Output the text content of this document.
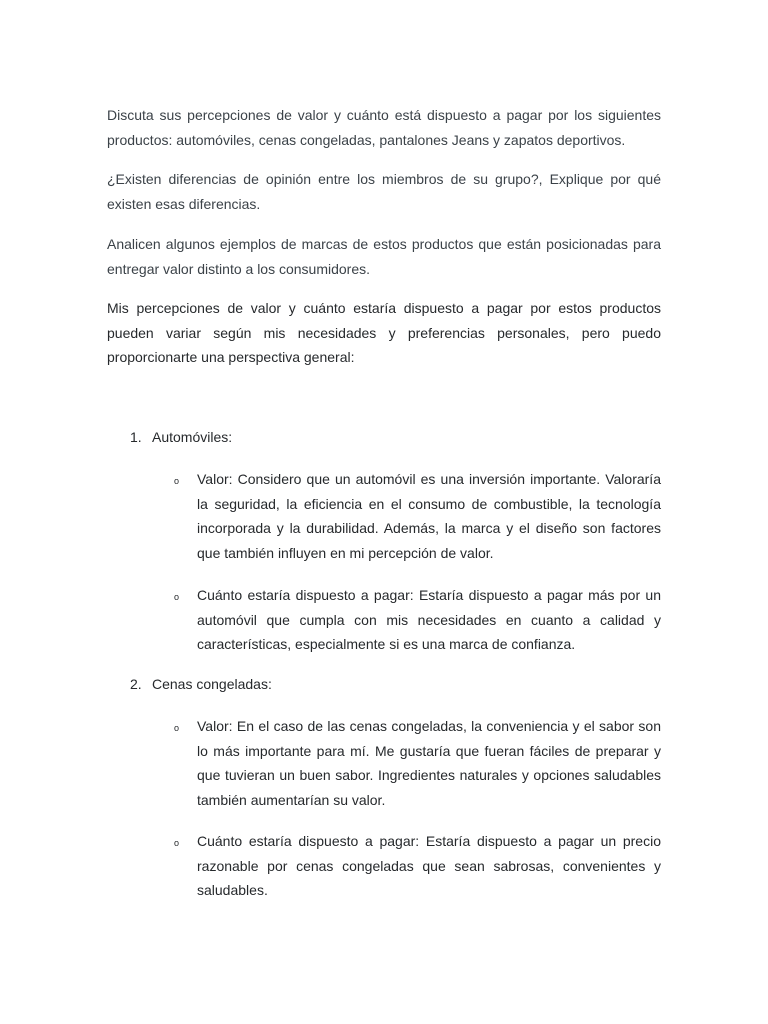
Discuta sus percepciones de valor y cuánto está dispuesto a pagar por los siguientes productos: automóviles, cenas congeladas, pantalones Jeans y zapatos deportivos.

¿Existen diferencias de opinión entre los miembros de su grupo?, Explique por qué existen esas diferencias.

Analicen algunos ejemplos de marcas de estos productos que están posicionadas para entregar valor distinto a los consumidores.

Mis percepciones de valor y cuánto estaría dispuesto a pagar por estos productos pueden variar según mis necesidades y preferencias personales, pero puedo proporcionarte una perspectiva general:

1. Automóviles:

o Valor: Considero que un automóvil es una inversión importante. Valoraría la seguridad, la eficiencia en el consumo de combustible, la tecnología incorporada y la durabilidad. Además, la marca y el diseño son factores que también influyen en mi percepción de valor.

o Cuánto estaría dispuesto a pagar: Estaría dispuesto a pagar más por un automóvil que cumpla con mis necesidades en cuanto a calidad y características, especialmente si es una marca de confianza.

2. Cenas congeladas:

o Valor: En el caso de las cenas congeladas, la conveniencia y el sabor son lo más importante para mí. Me gustaría que fueran fáciles de preparar y que tuvieran un buen sabor. Ingredientes naturales y opciones saludables también aumentarían su valor.

o Cuánto estaría dispuesto a pagar: Estaría dispuesto a pagar un precio razonable por cenas congeladas que sean sabrosas, convenientes y saludables.
